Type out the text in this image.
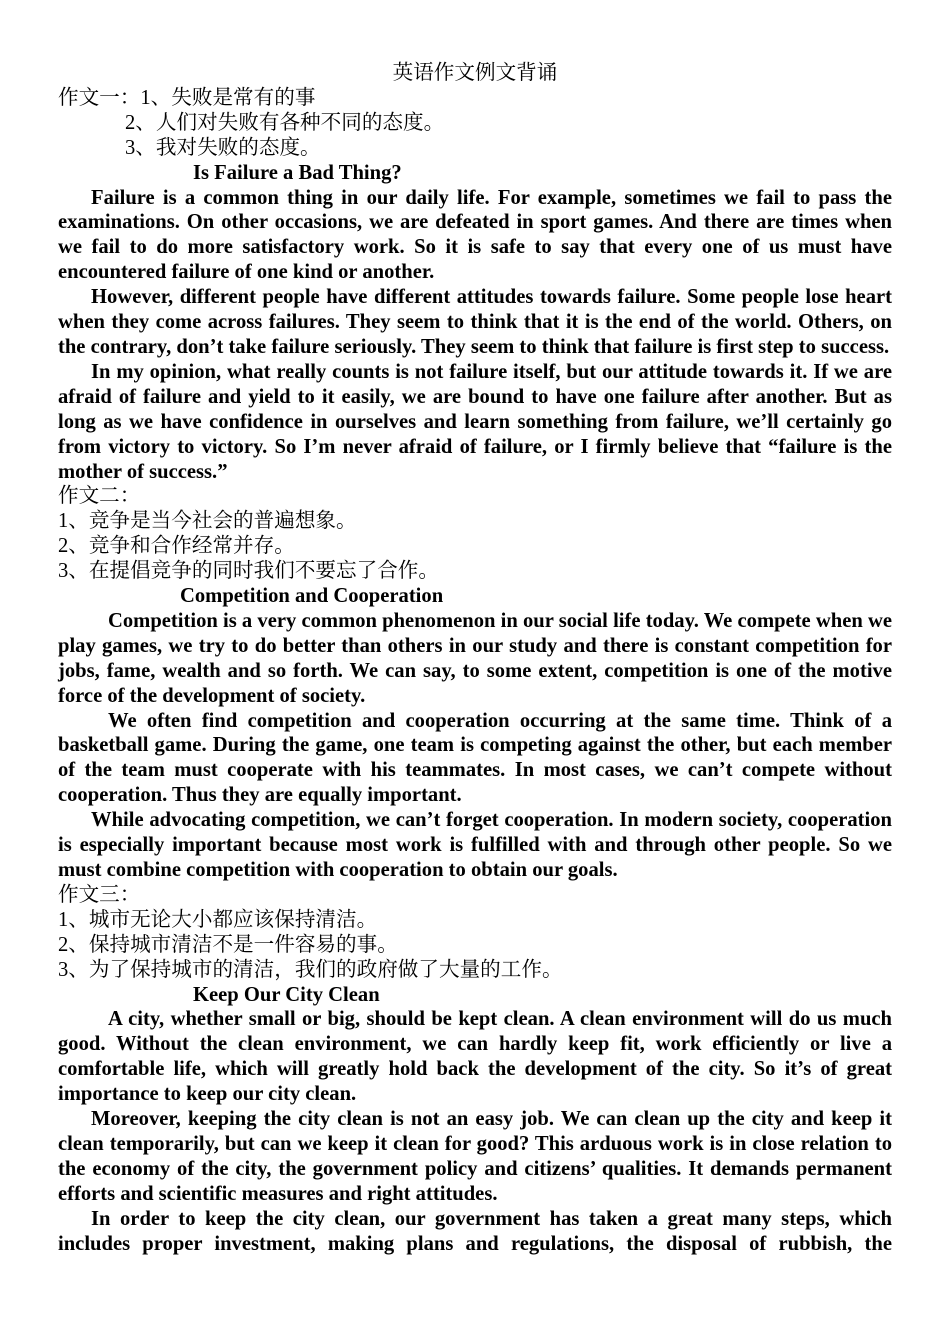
英语作文例文背诵
作文一：1、失败是常有的事
2、人们对失败有各种不同的态度。
3、我对失败的态度。
Is Failure a Bad Thing?

Failure is a common thing in our daily life. For example, sometimes we fail to pass the examinations. On other occasions, we are defeated in sport games. And there are times when we fail to do more satisfactory work. So it is safe to say that every one of us must have encountered failure of one kind or another.

However, different people have different attitudes towards failure. Some people lose heart when they come across failures. They seem to think that it is the end of the world. Others, on the contrary, don’t take failure seriously. They seem to think that failure is first step to success.

In my opinion, what really counts is not failure itself, but our attitude towards it. If we are afraid of failure and yield to it easily, we are bound to have one failure after another. But as long as we have confidence in ourselves and learn something from failure, we’ll certainly go from victory to victory. So I’m never afraid of failure, or I firmly believe that “failure is the mother of success.”

作文二：
1、竞争是当今社会的普遍想象。
2、竞争和合作经常并存。
3、在提倡竞争的同时我们不要忘了合作。
Competition and Cooperation

Competition is a very common phenomenon in our social life today. We compete when we play games, we try to do better than others in our study and there is constant competition for jobs, fame, wealth and so forth. We can say, to some extent, competition is one of the motive force of the development of society.

We often find competition and cooperation occurring at the same time. Think of a basketball game. During the game, one team is competing against the other, but each member of the team must cooperate with his teammates. In most cases, we can’t compete without cooperation. Thus they are equally important.

While advocating competition, we can’t forget cooperation. In modern society, cooperation is especially important because most work is fulfilled with and through other people. So we must combine competition with cooperation to obtain our goals.

作文三：
1、城市无论大小都应该保持清洁。
2、保持城市清洁不是一件容易的事。
3、为了保持城市的清洁，我们的政府做了大量的工作。
Keep Our City Clean

A city, whether small or big, should be kept clean. A clean environment will do us much good. Without the clean environment, we can hardly keep fit, work efficiently or live a comfortable life, which will greatly hold back the development of the city. So it’s of great importance to keep our city clean.

Moreover, keeping the city clean is not an easy job. We can clean up the city and keep it clean temporarily, but can we keep it clean for good? This arduous work is in close relation to the economy of the city, the government policy and citizens’ qualities. It demands permanent efforts and scientific measures and right attitudes.

In order to keep the city clean, our government has taken a great many steps, which includes proper investment, making plans and regulations, the disposal of rubbish, the
